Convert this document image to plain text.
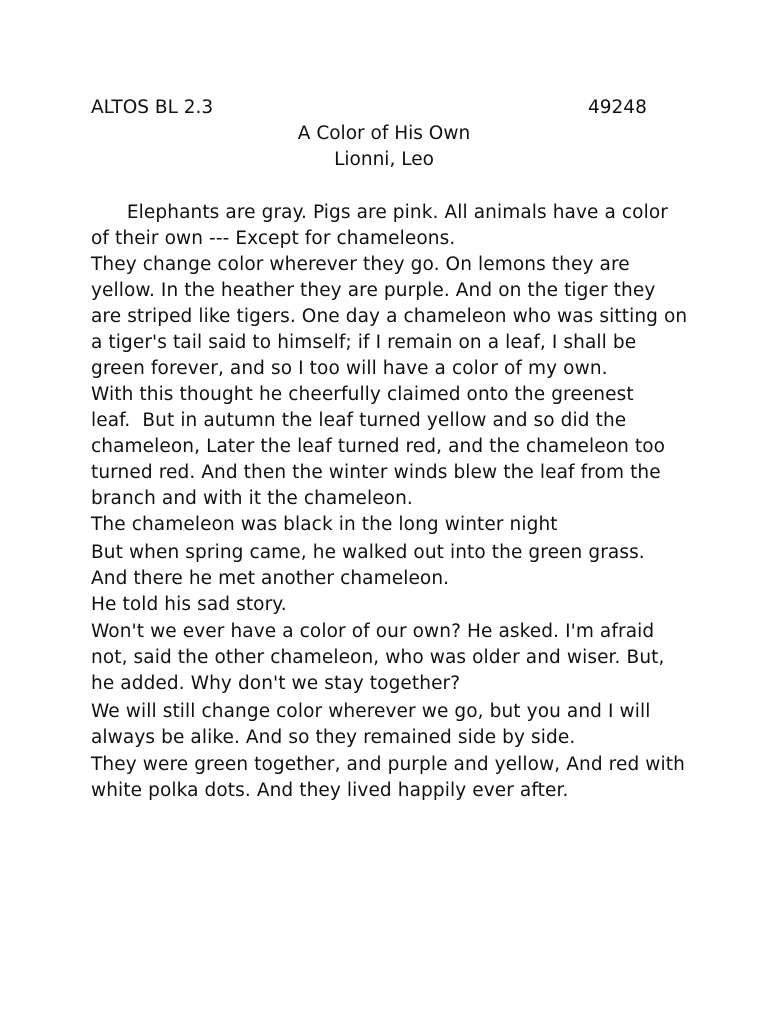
ALTOS BL 2.3	49248
A Color of His Own
Lionni, Leo
Elephants are gray. Pigs are pink. All animals have a color
of their own --- Except for chameleons.
They change color wherever they go. On lemons they are
yellow. In the heather they are purple. And on the tiger they
are striped like tigers. One day a chameleon who was sitting on
a tiger's tail said to himself; if I remain on a leaf, I shall be
green forever, and so I too will have a color of my own.
With this thought he cheerfully claimed onto the greenest
leaf.  But in autumn the leaf turned yellow and so did the
chameleon, Later the leaf turned red, and the chameleon too
turned red. And then the winter winds blew the leaf from the
branch and with it the chameleon.
The chameleon was black in the long winter night
But when spring came, he walked out into the green grass.
And there he met another chameleon.
He told his sad story.
Won't we ever have a color of our own? He asked. I'm afraid
not, said the other chameleon, who was older and wiser. But,
he added. Why don't we stay together?
We will still change color wherever we go, but you and I will
always be alike. And so they remained side by side.
They were green together, and purple and yellow, And red with
white polka dots. And they lived happily ever after.
